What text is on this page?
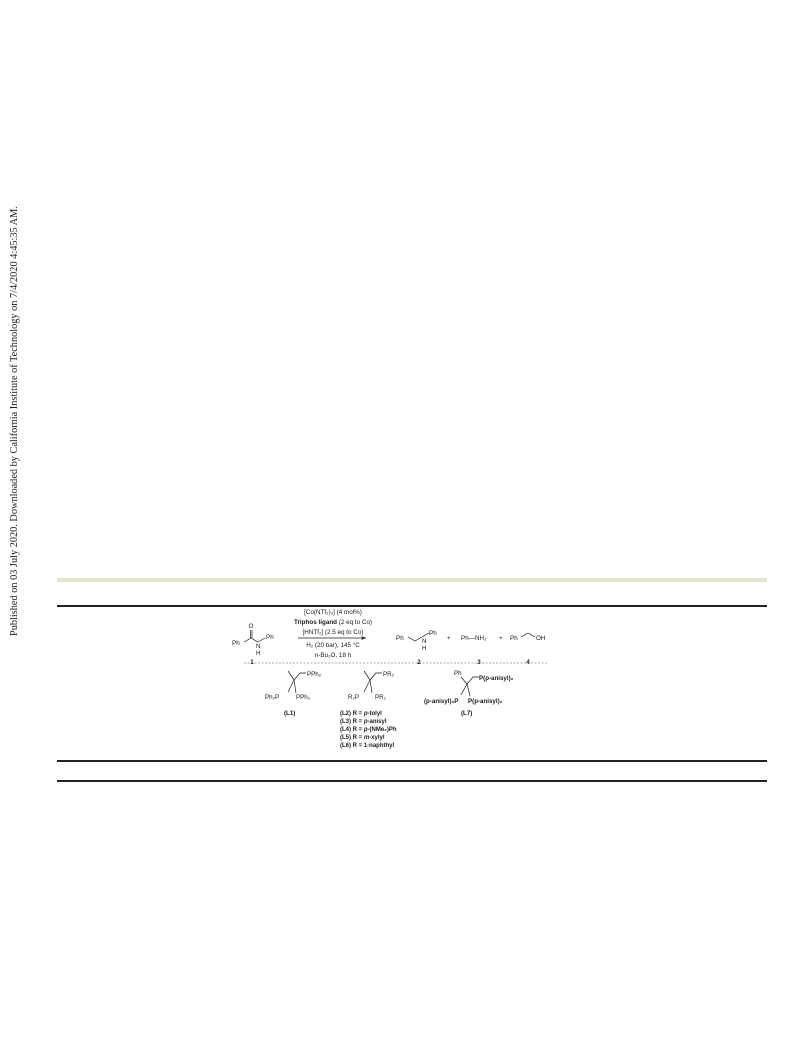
Published on 03 July 2020. Downloaded by California Institute of Technology on 7/4/2020 4:45:35 AM.	[Co(NTf₂)₂] (4 mol%)
Triphos ligand (2 eq to Co)
[HNTf₂] (2.5 eq to Co)
H₂ (20 bar), 145 °C
n-Bu₂O, 18 h
Ph
O
N
H
Ph
1
Ph	N
H
Ph
2
+ Ph—NH₂
3
+ Ph	OH
4
PPh₂
Ph₂P	PPh₂
(L1)
PR₂
R₂P	PR₂
(L2) R = p-tolyl
(L3) R = p-anisyl
(L4) R = p-(NMe₂)Ph
(L5) R = m-xylyl
(L6) R = 1-naphthyl
Ph
P(p-anisyl)₂
(p-anisyl)₂P P(p-anisyl)₂
(L7)
